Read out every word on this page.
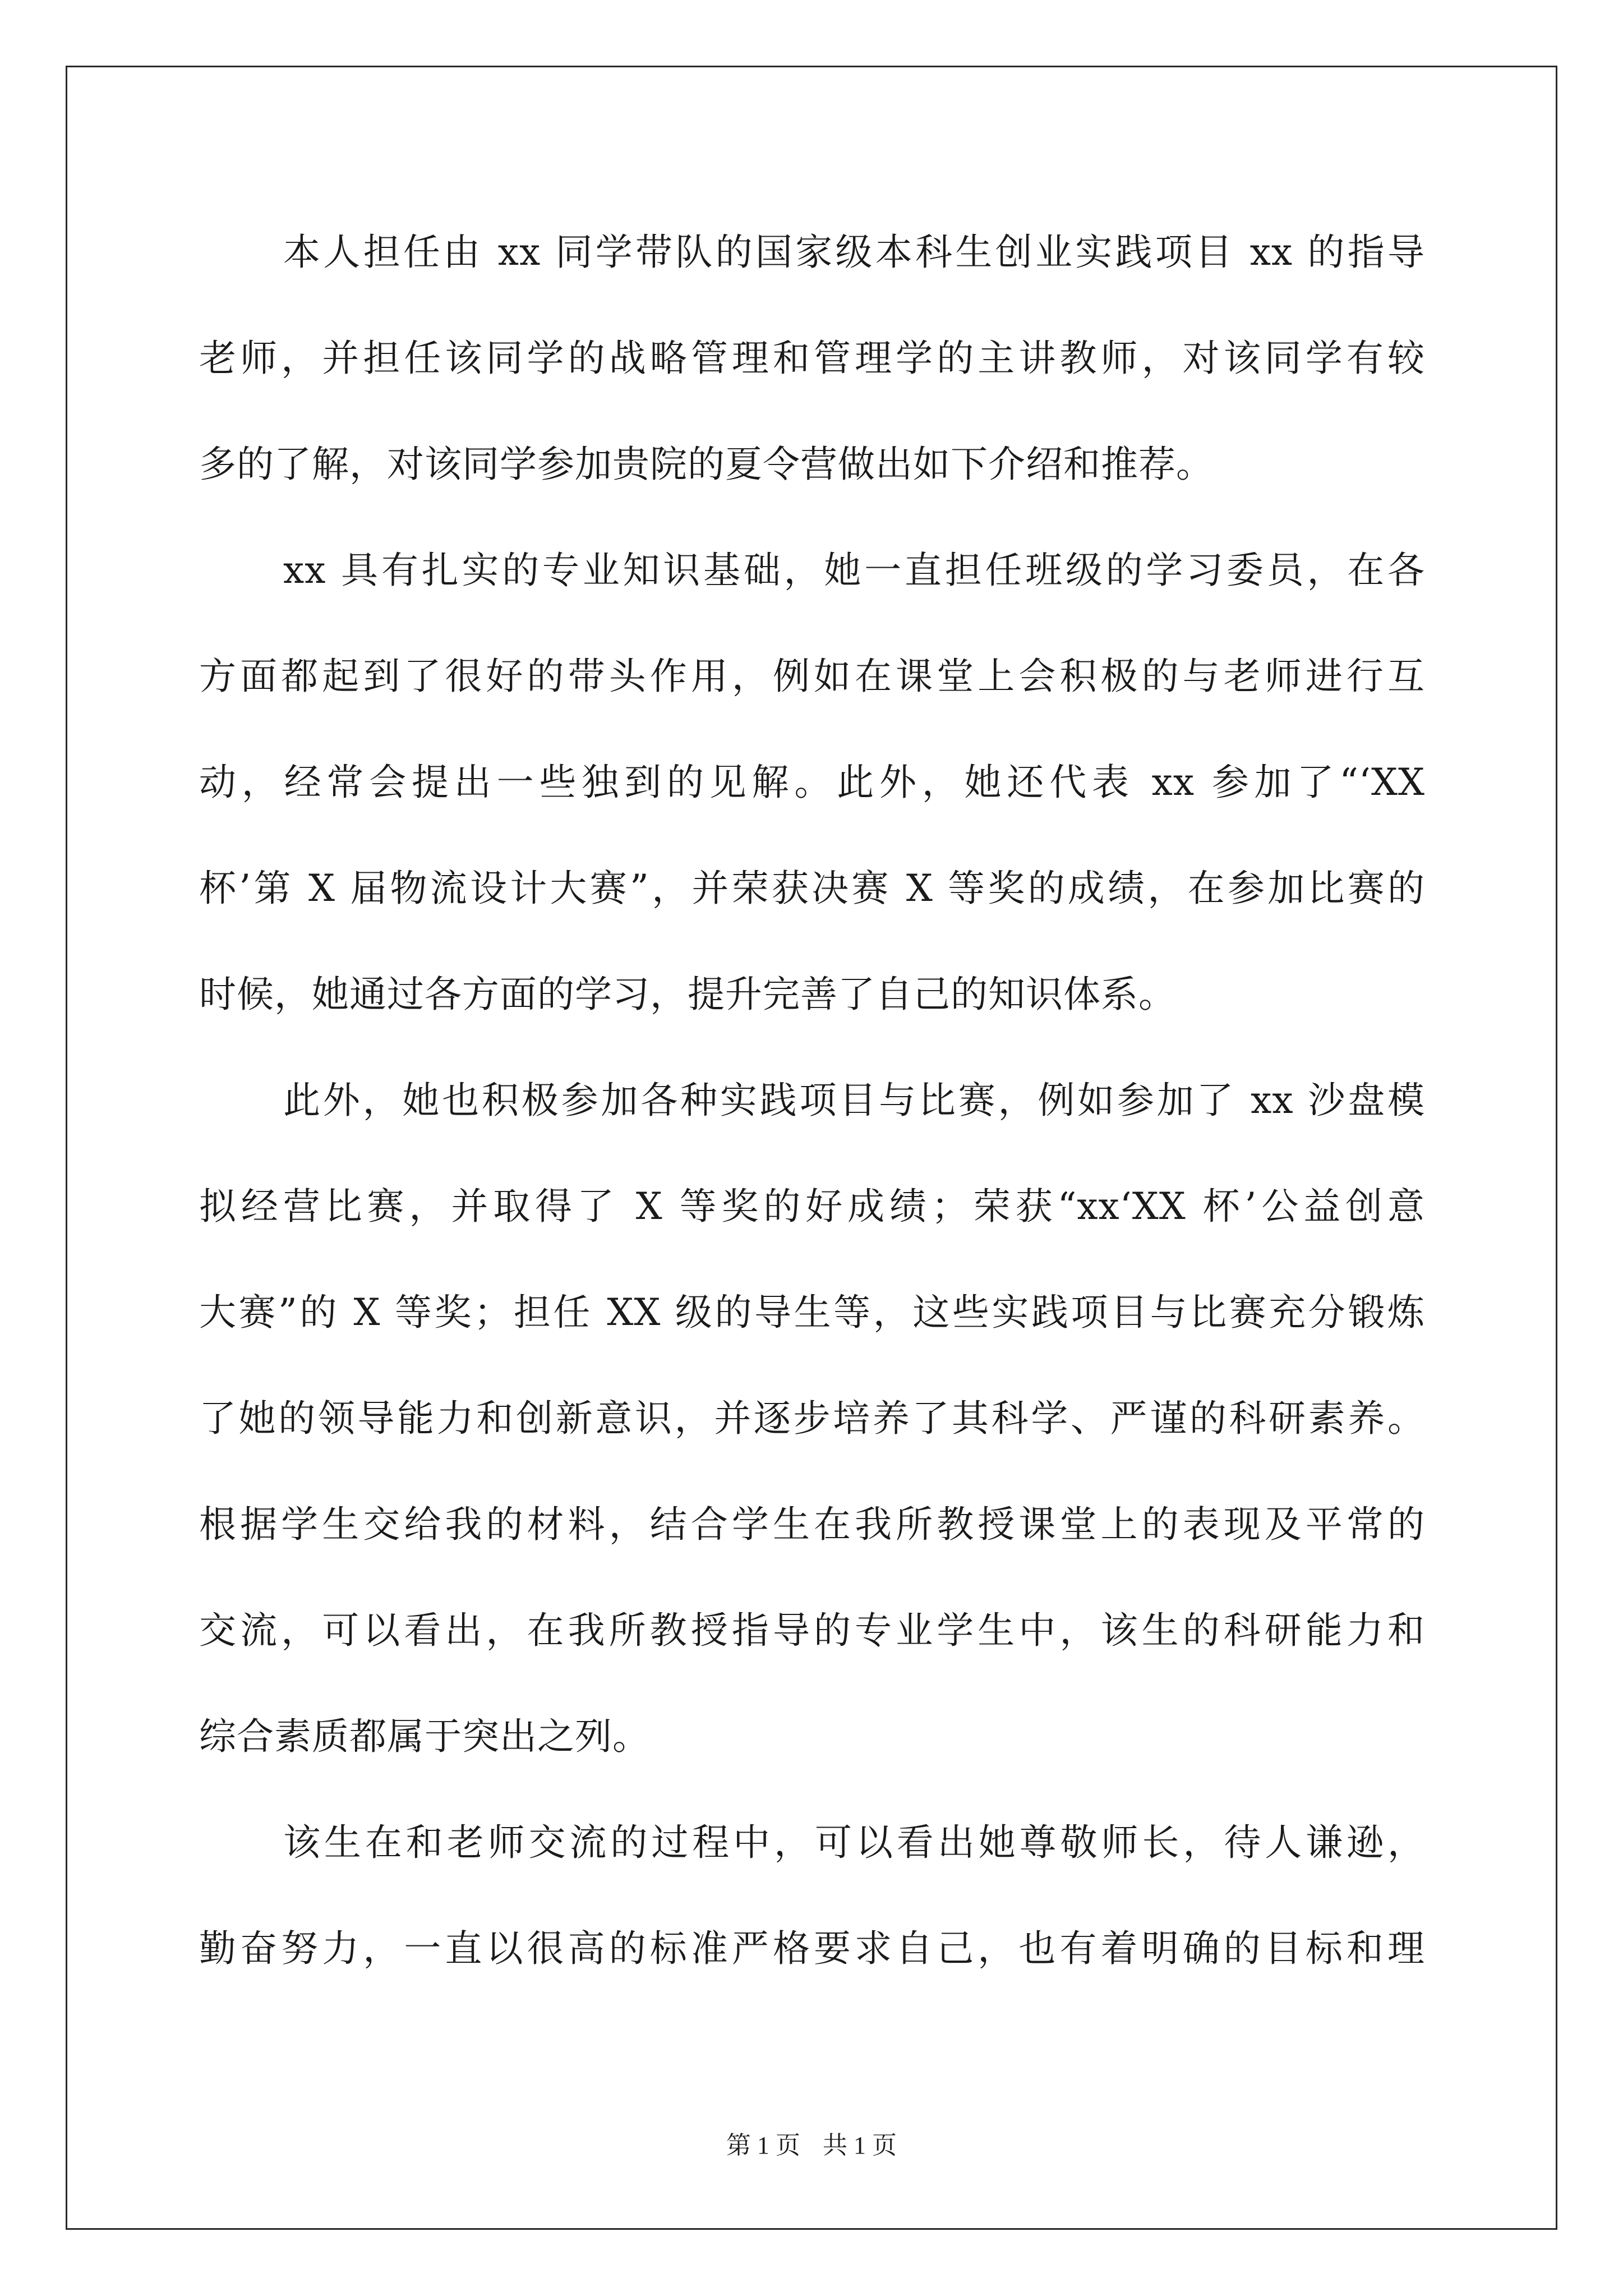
本人担任由 xx 同学带队的国家级本科生创业实践项目 xx 的指导
老师，并担任该同学的战略管理和管理学的主讲教师，对该同学有较
多的了解，对该同学参加贵院的夏令营做出如下介绍和推荐。
xx 具有扎实的专业知识基础，她一直担任班级的学习委员，在各
方面都起到了很好的带头作用，例如在课堂上会积极的与老师进行互
动，经常会提出一些独到的见解。此外，她还代表 xx 参加了“‘XX
杯’第 X 届物流设计大赛”，并荣获决赛 X 等奖的成绩，在参加比赛的
时候，她通过各方面的学习，提升完善了自己的知识体系。
此外，她也积极参加各种实践项目与比赛，例如参加了 xx 沙盘模
拟经营比赛，并取得了 X 等奖的好成绩；荣获“xx‘XX 杯’公益创意
大赛”的 X 等奖；担任 XX 级的导生等，这些实践项目与比赛充分锻炼
了她的领导能力和创新意识，并逐步培养了其科学、严谨的科研素养。
根据学生交给我的材料，结合学生在我所教授课堂上的表现及平常的
交流，可以看出，在我所教授指导的专业学生中，该生的科研能力和
综合素质都属于突出之列。
该生在和老师交流的过程中，可以看出她尊敬师长，待人谦逊，
勤奋努力，一直以很高的标准严格要求自己，也有着明确的目标和理
第 1 页 共 1 页
